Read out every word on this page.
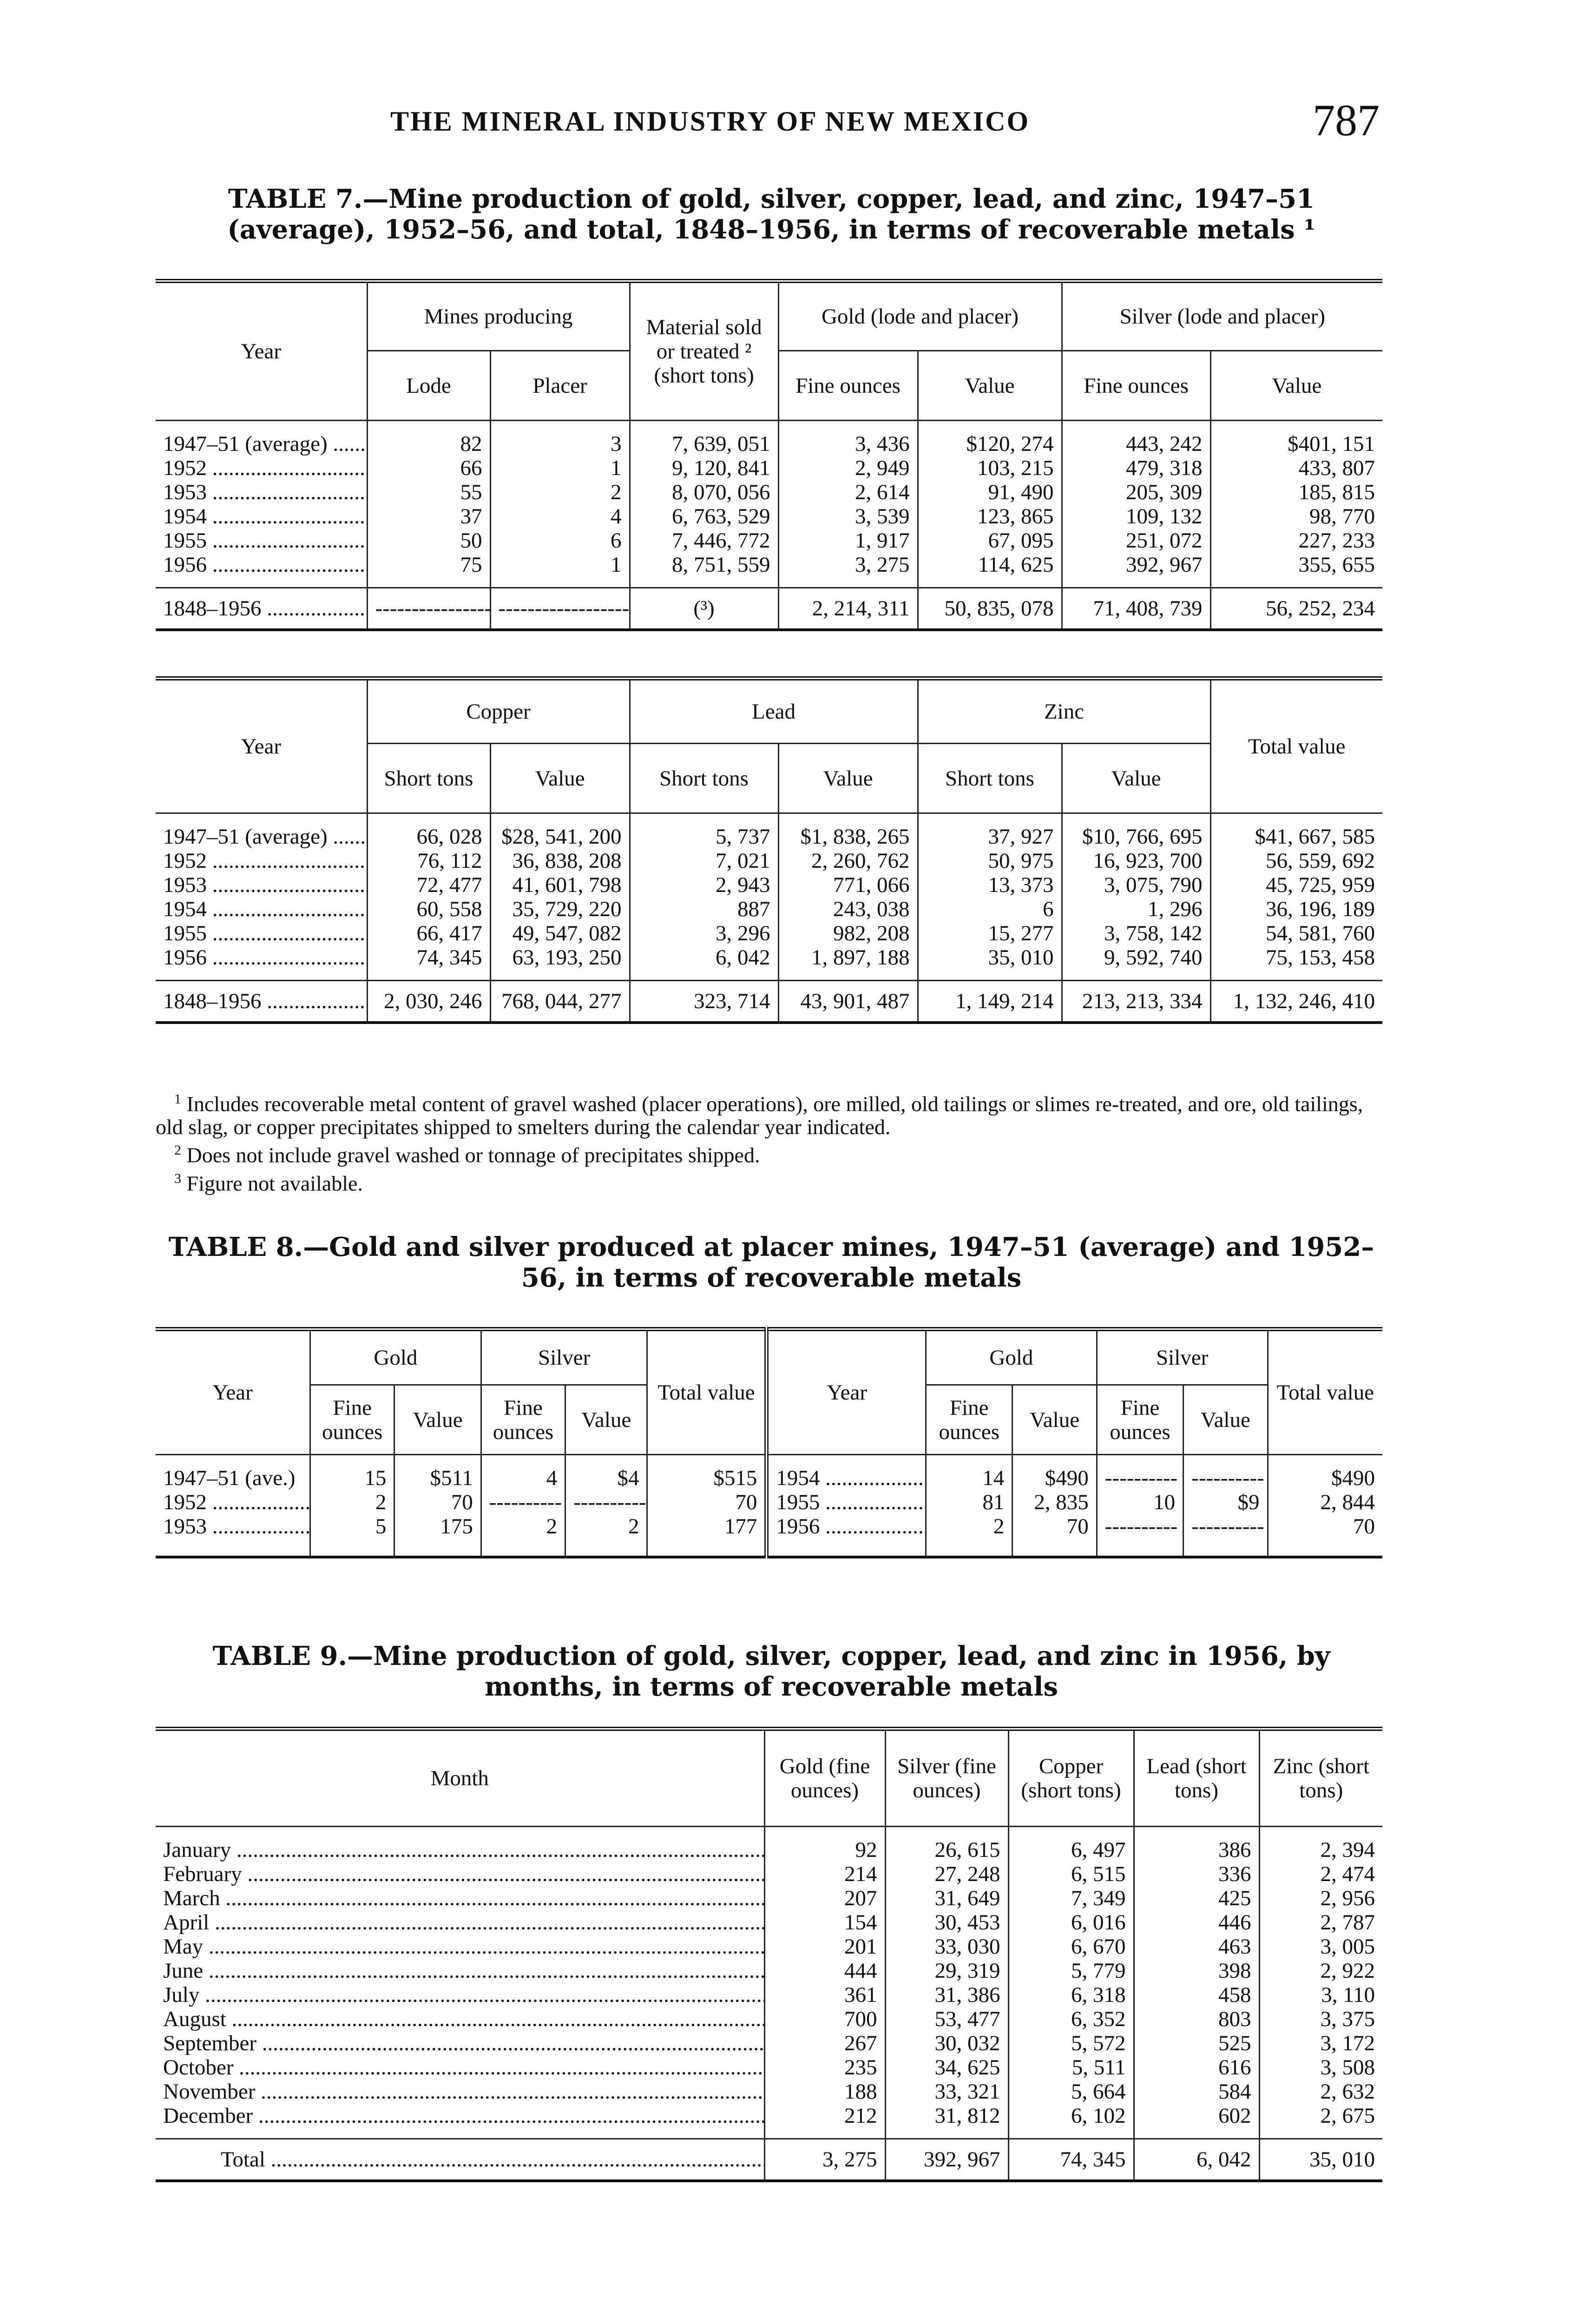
THE MINERAL INDUSTRY OF NEW MEXICO	787
TABLE 7.—Mine production of gold, silver, copper, lead, and zinc, 1947–51 (average), 1952–56, and total, 1848–1956, in terms of recoverable metals ¹
Year	Mines producing		Material sold or treated ² (short tons)	Gold (lode and placer)		Silver (lode and placer)	
	Lode	Placer		Fine ounces	Value	Fine ounces	Value

1947–51 (average) .....	82	3	7, 639, 051	3, 436	$120, 274	443, 242	$401, 151
1952 .....	66	1	9, 120, 841	2, 949	103, 215	479, 318	433, 807
1953 .....	55	2	8, 070, 056	2, 614	91, 490	205, 309	185, 815
1954 .....	37	4	6, 763, 529	3, 539	123, 865	109, 132	98, 770
1955 .....	50	6	7, 446, 772	1, 917	67, 095	251, 072	227, 233
1956 .....	75	1	8, 751, 559	3, 275	114, 625	392, 967	355, 655

1848–1956 .....	‑‑‑‑‑‑‑‑‑‑‑‑‑‑‑‑	‑‑‑‑‑‑‑‑‑‑‑‑‑‑‑‑‑‑	(³)	2, 214, 311	50, 835, 078	71, 408, 739	56, 252, 234
Year	Copper		Lead		Zinc		Total value
	Short tons	Value	Short tons	Value	Short tons	Value	

1947–51 (average) .....	66, 028	$28, 541, 200	5, 737	$1, 838, 265	37, 927	$10, 766, 695	$41, 667, 585
1952 .....	76, 112	36, 838, 208	7, 021	2, 260, 762	50, 975	16, 923, 700	56, 559, 692
1953 .....	72, 477	41, 601, 798	2, 943	771, 066	13, 373	3, 075, 790	45, 725, 959
1954 .....	60, 558	35, 729, 220	887	243, 038	6	1, 296	36, 196, 189
1955 .....	66, 417	49, 547, 082	3, 296	982, 208	15, 277	3, 758, 142	54, 581, 760
1956 .....	74, 345	63, 193, 250	6, 042	1, 897, 188	35, 010	9, 592, 740	75, 153, 458

1848–1956 .....	2, 030, 246	768, 044, 277	323, 714	43, 901, 487	1, 149, 214	213, 213, 334	1, 132, 246, 410

$^1$ Includes recoverable metal content of gravel washed (placer operations), ore milled, old tailings or slimes re-treated, and ore, old tailings, old slag, or copper precipitates shipped to smelters during the calendar year indicated.

$^2$ Does not include gravel washed or tonnage of precipitates shipped.

$^3$ Figure not available.

TABLE 8.—Gold and silver produced at placer mines, 1947–51 (average) and 1952–56, in terms of recoverable metals
Year	Gold		Silver		Total value	Year	Gold		Silver		Total value
	Fine ounces	Value	Fine ounces	Value			Fine ounces	Value	Fine ounces	Value	

1947–51 (ave.)	15	$511	4	$4	$515	1954 .....	14	$490	‑‑‑‑‑‑‑‑‑‑	‑‑‑‑‑‑‑‑‑‑	$490
1952 .....	2	70	‑‑‑‑‑‑‑‑‑‑	‑‑‑‑‑‑‑‑‑‑	70	1955 .....	81	2, 835	10	$9	2, 844
1953 .....	5	175	2	2	177	1956 .....	2	70	‑‑‑‑‑‑‑‑‑‑	‑‑‑‑‑‑‑‑‑‑	70

TABLE 9.—Mine production of gold, silver, copper, lead, and zinc in 1956, by months, in terms of recoverable metals
Month	Gold (fine ounces)	Silver (fine ounces)	Copper (short tons)	Lead (short tons)	Zinc (short tons)

January .....	92	26, 615	6, 497	386	2, 394
February .....	214	27, 248	6, 515	336	2, 474
March .....	207	31, 649	7, 349	425	2, 956
April .....	154	30, 453	6, 016	446	2, 787
May .....	201	33, 030	6, 670	463	3, 005
June .....	444	29, 319	5, 779	398	2, 922
July .....	361	31, 386	6, 318	458	3, 110
August .....	700	53, 477	6, 352	803	3, 375
September .....	267	30, 032	5, 572	525	3, 172
October .....	235	34, 625	5, 511	616	3, 508
November .....	188	33, 321	5, 664	584	2, 632
December .....	212	31, 812	6, 102	602	2, 675

Total .....	3, 275	392, 967	74, 345	6, 042	35, 010
